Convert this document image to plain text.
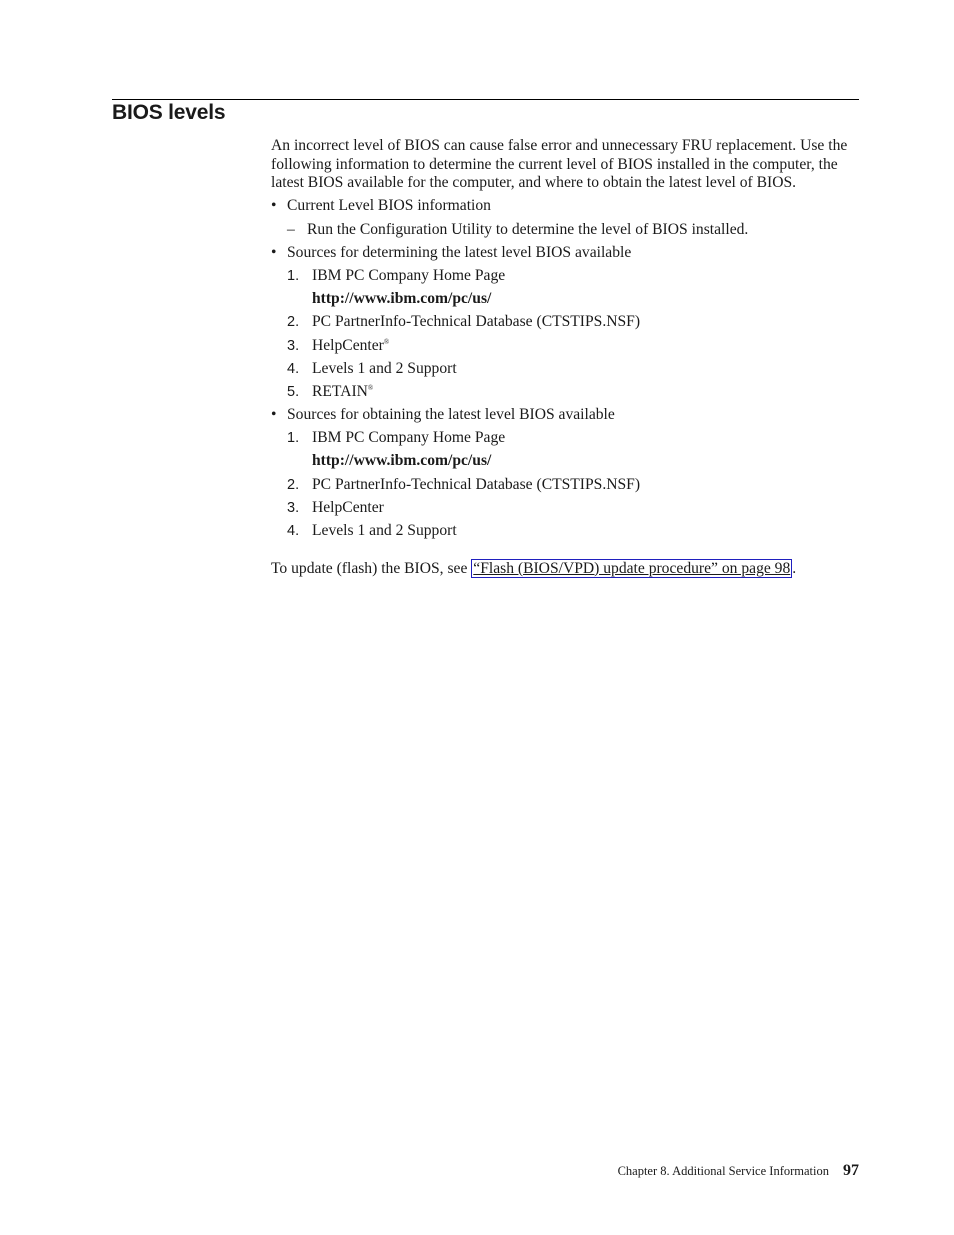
BIOS levels

An incorrect level of BIOS can cause false error and unnecessary FRU replacement. Use the following information to determine the current level of BIOS installed in the computer, the latest BIOS available for the computer, and where to obtain the latest level of BIOS.

• Current Level BIOS information
– Run the Configuration Utility to determine the level of BIOS installed.
• Sources for determining the latest level BIOS available
1. IBM PC Company Home Page
http://www.ibm.com/pc/us/
2. PC PartnerInfo-Technical Database (CTSTIPS.NSF)
3. HelpCenter®
4. Levels 1 and 2 Support
5. RETAIN®
• Sources for obtaining the latest level BIOS available
1. IBM PC Company Home Page
http://www.ibm.com/pc/us/
2. PC PartnerInfo-Technical Database (CTSTIPS.NSF)
3. HelpCenter
4. Levels 1 and 2 Support

To update (flash) the BIOS, see “Flash (BIOS/VPD) update procedure” on page 98 .

Chapter 8. Additional Service Information 97
